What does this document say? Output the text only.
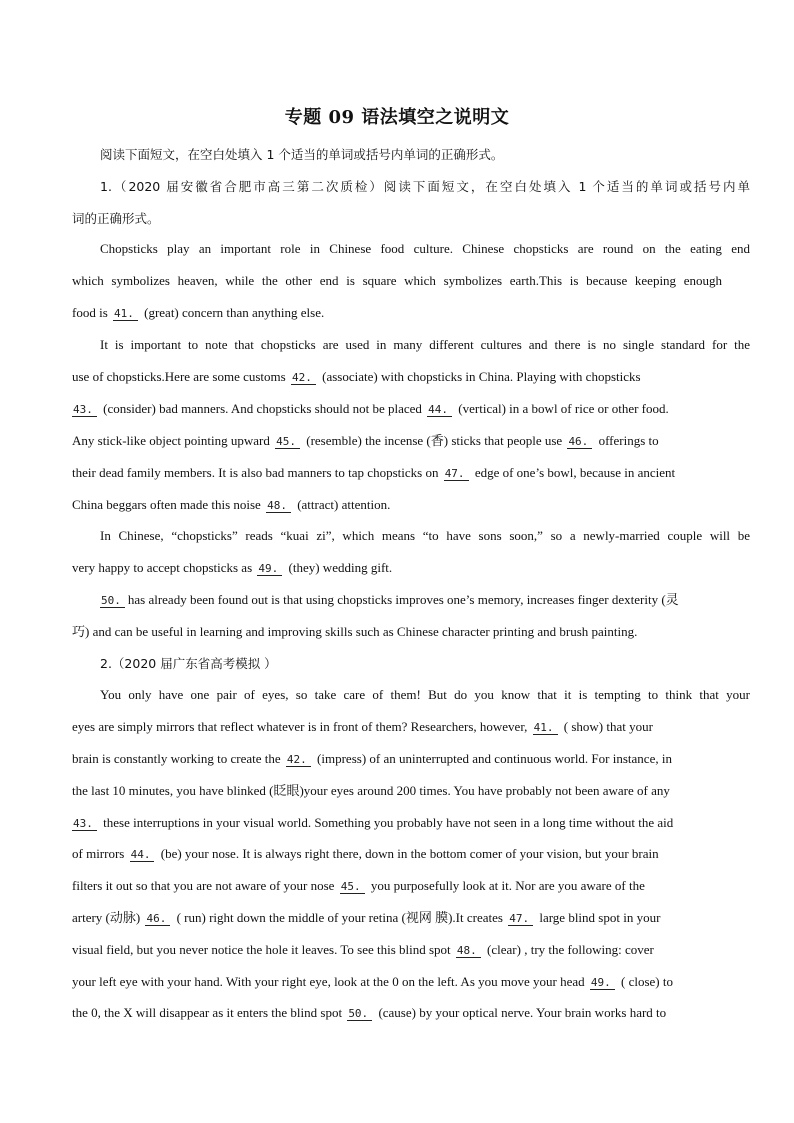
专题 09 语法填空之说明文
阅读下面短文，在空白处填入 1 个适当的单词或括号内单词的正确形式。
1.（2020 届安徽省合肥市高三第二次质检）阅读下面短文，在空白处填入 1 个适当的单词或括号内单
词的正确形式。
Chopsticks play an important role in Chinese food culture. Chinese chopsticks are round on the eating end
which symbolizes heaven, while the other end is square which symbolizes earth.This is because keeping enough
food is 41. (great) concern than anything else.
It is important to note that chopsticks are used in many different cultures and there is no single standard for the
use of chopsticks.Here are some customs 42. (associate) with chopsticks in China. Playing with chopsticks
43. (consider) bad manners. And chopsticks should not be placed 44. (vertical) in a bowl of rice or other food.
Any stick-like object pointing upward 45. (resemble) the incense (香) sticks that people use 46. offerings to
their dead family members. It is also bad manners to tap chopsticks on 47. edge of one’s bowl, because in ancient
China beggars often made this noise 48. (attract) attention.
In Chinese, “chopsticks” reads “kuai zi”, which means “to have sons soon,” so a newly-married couple will be
very happy to accept chopsticks as 49. (they) wedding gift.
50. has already been found out is that using chopsticks improves one’s memory, increases finger dexterity (灵
巧) and can be useful in learning and improving skills such as Chinese character printing and brush painting.
2.（2020 届广东省高考模拟 ）
You only have one pair of eyes, so take care of them! But do you know that it is tempting to think that your
eyes are simply mirrors that reflect whatever is in front of them? Researchers, however, 41. ( show) that your
brain is constantly working to create the 42. (impress) of an uninterrupted and continuous world. For instance, in
the last 10 minutes, you have blinked (眨眼)your eyes around 200 times. You have probably not been aware of any
43. these interruptions in your visual world. Something you probably have not seen in a long time without the aid
of mirrors 44. (be) your nose. It is always right there, down in the bottom comer of your vision, but your brain
filters it out so that you are not aware of your nose 45. you purposefully look at it. Nor are you aware of the
artery (动脉) 46. ( run) right down the middle of your retina (视网 膜).It creates 47. large blind spot in your
visual field, but you never notice the hole it leaves. To see this blind spot 48. (clear) , try the following: cover
your left eye with your hand. With your right eye, look at the 0 on the left. As you move your head 49. ( close) to
the 0, the X will disappear as it enters the blind spot 50. (cause) by your optical nerve. Your brain works hard to
